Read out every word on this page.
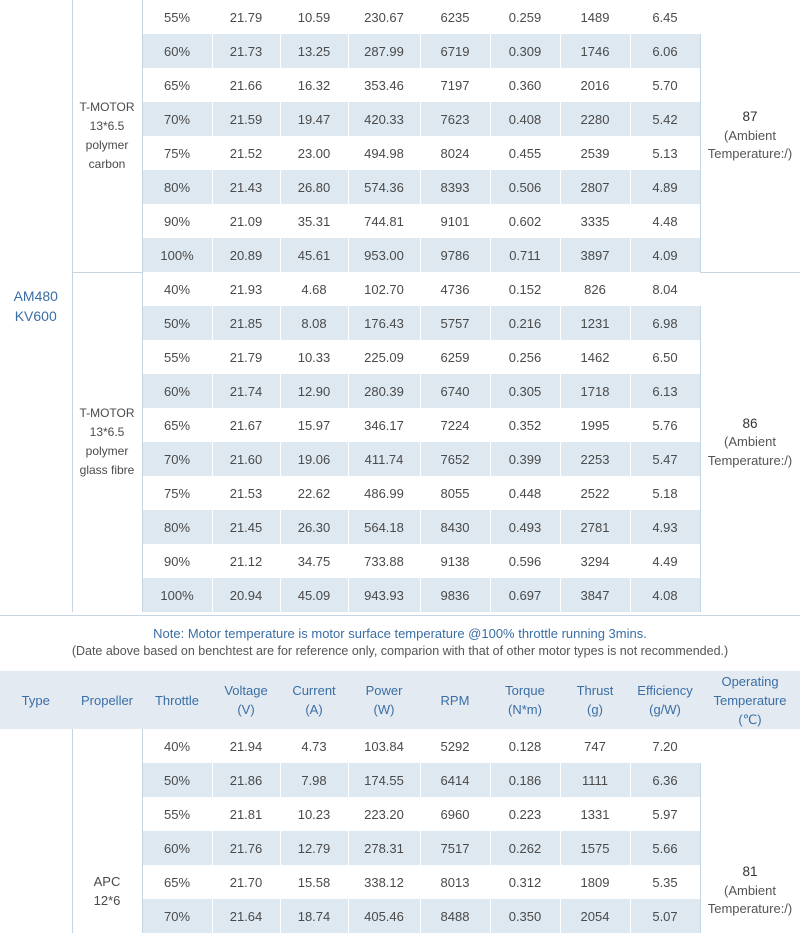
AM480
KV600	T-MOTOR
13*6.5
polymer
carbon	55%	21.79	10.59	230.67	6235	0.259	1489	6.45	87
(Ambient
Temperature:/)
		60%	21.73	13.25	287.99	6719	0.309	1746	6.06	
		65%	21.66	16.32	353.46	7197	0.360	2016	5.70	
		70%	21.59	19.47	420.33	7623	0.408	2280	5.42	
		75%	21.52	23.00	494.98	8024	0.455	2539	5.13	
		80%	21.43	26.80	574.36	8393	0.506	2807	4.89	
		90%	21.09	35.31	744.81	9101	0.602	3335	4.48	
		100%	20.89	45.61	953.00	9786	0.711	3897	4.09	
	T-MOTOR
13*6.5
polymer
glass fibre	40%	21.93	4.68	102.70	4736	0.152	826	8.04	86
(Ambient
Temperature:/)
		50%	21.85	8.08	176.43	5757	0.216	1231	6.98	
		55%	21.79	10.33	225.09	6259	0.256	1462	6.50	
		60%	21.74	12.90	280.39	6740	0.305	1718	6.13	
		65%	21.67	15.97	346.17	7224	0.352	1995	5.76	
		70%	21.60	19.06	411.74	7652	0.399	2253	5.47	
		75%	21.53	22.62	486.99	8055	0.448	2522	5.18	
		80%	21.45	26.30	564.18	8430	0.493	2781	4.93	
		90%	21.12	34.75	733.88	9138	0.596	3294	4.49	
		100%	20.94	45.09	943.93	9836	0.697	3847	4.08	
Note: Motor temperature is motor surface temperature @100% throttle running 3mins.
(Date above based on benchtest are for reference only, comparion with that of other motor types is not recommended.)
Type	Propeller	Throttle	Voltage
(V)	Current
(A)	Power
(W)	RPM	Torque
(N*m)	Thrust
(g)	Efficiency
(g/W)	Operating
Temperature
(℃)
	APC
12*6	40%	21.94	4.73	103.84	5292	0.128	747	7.20	81
(Ambient
Temperature:/)
		50%	21.86	7.98	174.55	6414	0.186	1111	6.36	
		55%	21.81	10.23	223.20	6960	0.223	1331	5.97	
		60%	21.76	12.79	278.31	7517	0.262	1575	5.66	
		65%	21.70	15.58	338.12	8013	0.312	1809	5.35	
		70%	21.64	18.74	405.46	8488	0.350	2054	5.07	
